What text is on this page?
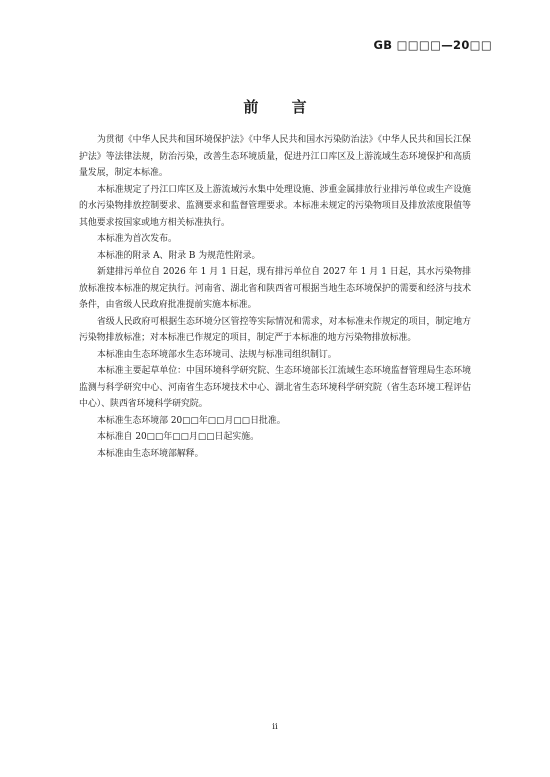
GB □□□□—20□□
前 言

为贯彻《中华人民共和国环境保护法》《中华人民共和国水污染防治法》《中华人民共和国长江保护法》等法律法规，防治污染，改善生态环境质量，促进丹江口库区及上游流域生态环境保护和高质量发展，制定本标准。

本标准规定了丹江口库区及上游流域污水集中处理设施、涉重金属排放行业排污单位或生产设施的水污染物排放控制要求、监测要求和监督管理要求。本标准未规定的污染物项目及排放浓度限值等其他要求按国家或地方相关标准执行。

本标准为首次发布。

本标准的附录 A、附录 B 为规范性附录。

新建排污单位自 2026 年 1 月 1 日起，现有排污单位自 2027 年 1 月 1 日起，其水污染物排放标准按本标准的规定执行。河南省、湖北省和陕西省可根据当地生态环境保护的需要和经济与技术条件，由省级人民政府批准提前实施本标准。

省级人民政府可根据生态环境分区管控等实际情况和需求，对本标准未作规定的项目，制定地方污染物排放标准；对本标准已作规定的项目，制定严于本标准的地方污染物排放标准。

本标准由生态环境部水生态环境司、法规与标准司组织制订。

本标准主要起草单位：中国环境科学研究院、生态环境部长江流域生态环境监督管理局生态环境监测与科学研究中心、河南省生态环境技术中心、湖北省生态环境科学研究院（省生态环境工程评估中心）、陕西省环境科学研究院。

本标准生态环境部 20□□年□□月□□日批准。

本标准自 20□□年□□月□□日起实施。

本标准由生态环境部解释。

ii
